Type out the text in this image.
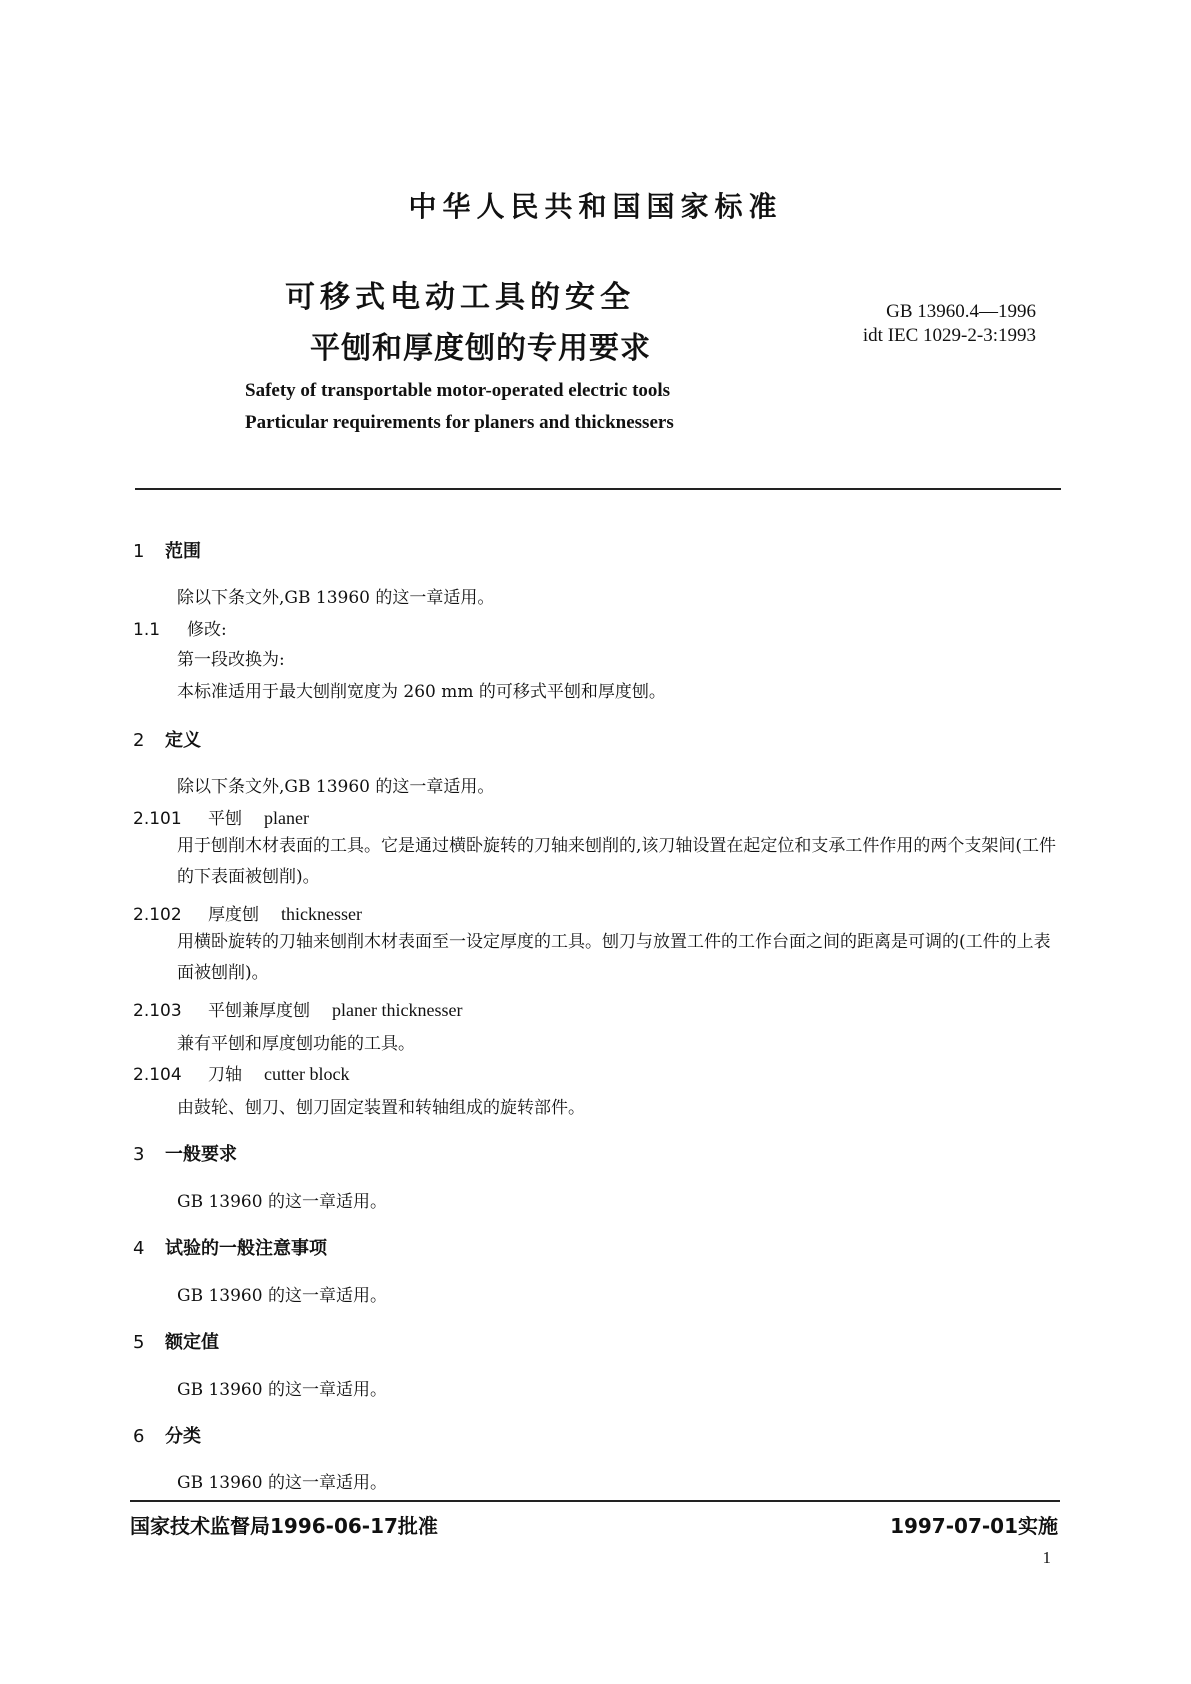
中华人民共和国国家标准
可移式电动工具的安全
平刨和厚度刨的专用要求
GB 13960.4—1996
idt IEC 1029-2-3:1993
Safety of transportable motor-operated electric tools
Particular requirements for planers and thicknessers
1 范围
除以下条文外,GB 13960 的这一章适用。
1.1 修改:
第一段改换为:
本标准适用于最大刨削宽度为 260 mm 的可移式平刨和厚度刨。
2 定义
除以下条文外,GB 13960 的这一章适用。
2.101 平刨 planer
用于刨削木材表面的工具。它是通过横卧旋转的刀轴来刨削的,该刀轴设置在起定位和支承工件作用的两个支架间(工件的下表面被刨削)。
2.102 厚度刨 thicknesser
用横卧旋转的刀轴来刨削木材表面至一设定厚度的工具。刨刀与放置工件的工作台面之间的距离是可调的(工件的上表面被刨削)。
2.103 平刨兼厚度刨 planer thicknesser
兼有平刨和厚度刨功能的工具。
2.104 刀轴 cutter block
由鼓轮、刨刀、刨刀固定装置和转轴组成的旋转部件。
3 一般要求
GB 13960 的这一章适用。
4 试验的一般注意事项
GB 13960 的这一章适用。
5 额定值
GB 13960 的这一章适用。
6 分类
GB 13960 的这一章适用。
国家技术监督局1996-06-17批准	1997-07-01实施
1
